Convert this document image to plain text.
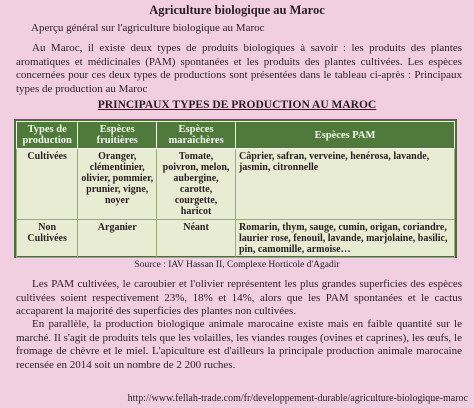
Agriculture biologique au Maroc
Aperçu général sur l'agriculture biologique au Maroc
Au Maroc, il existe deux types de produits biologiques à savoir : les produits des plantes aromatiques et médicinales (PAM) spontanées et les produits des plantes cultivées. Les espèces concernées pour ces deux types de productions sont présentées dans le tableau ci-après : Principaux types de production au Maroc
PRINCIPAUX TYPES DE PRODUCTION AU MAROC
Types de production	Espèces fruitières	Espèces maraîchères	Espèces PAM
Cultivées	Oranger, clémentinier, olivier, pommier, prunier, vigne, noyer	Tomate, poivron, melon, aubergine, carotte, courgette, haricot	Câprier, safran, verveine, henérosa, lavande, jasmin, citronnelle
Non Cultivées	Arganier	Néant	Romarin, thym, sauge, cumin, origan, coriandre, laurier rose, fenouil, lavande, marjolaine, basilic, pin, camomille, armoise…
Source : IAV Hassan II, Complexe Horticole d'Agadir
Les PAM cultivées, le caroubier et l'olivier représentent les plus grandes superficies des espèces cultivées soient respectivement 23%, 18% et 14%, alors que les PAM spontanées et le cactus accaparent la majorité des superficies des plantes non cultivées.
En parallèle, la production biologique animale marocaine existe mais en faible quantité sur le marché. Il s'agit de produits tels que les volailles, les viandes rouges (ovines et caprines), les œufs, le fromage de chèvre et le miel. L'apiculture est d'ailleurs la principale production animale marocaine recensée en 2014 soit un nombre de 2 200 ruches.
http://www.fellah-trade.com/fr/developpement-durable/agriculture-biologique-maroc
